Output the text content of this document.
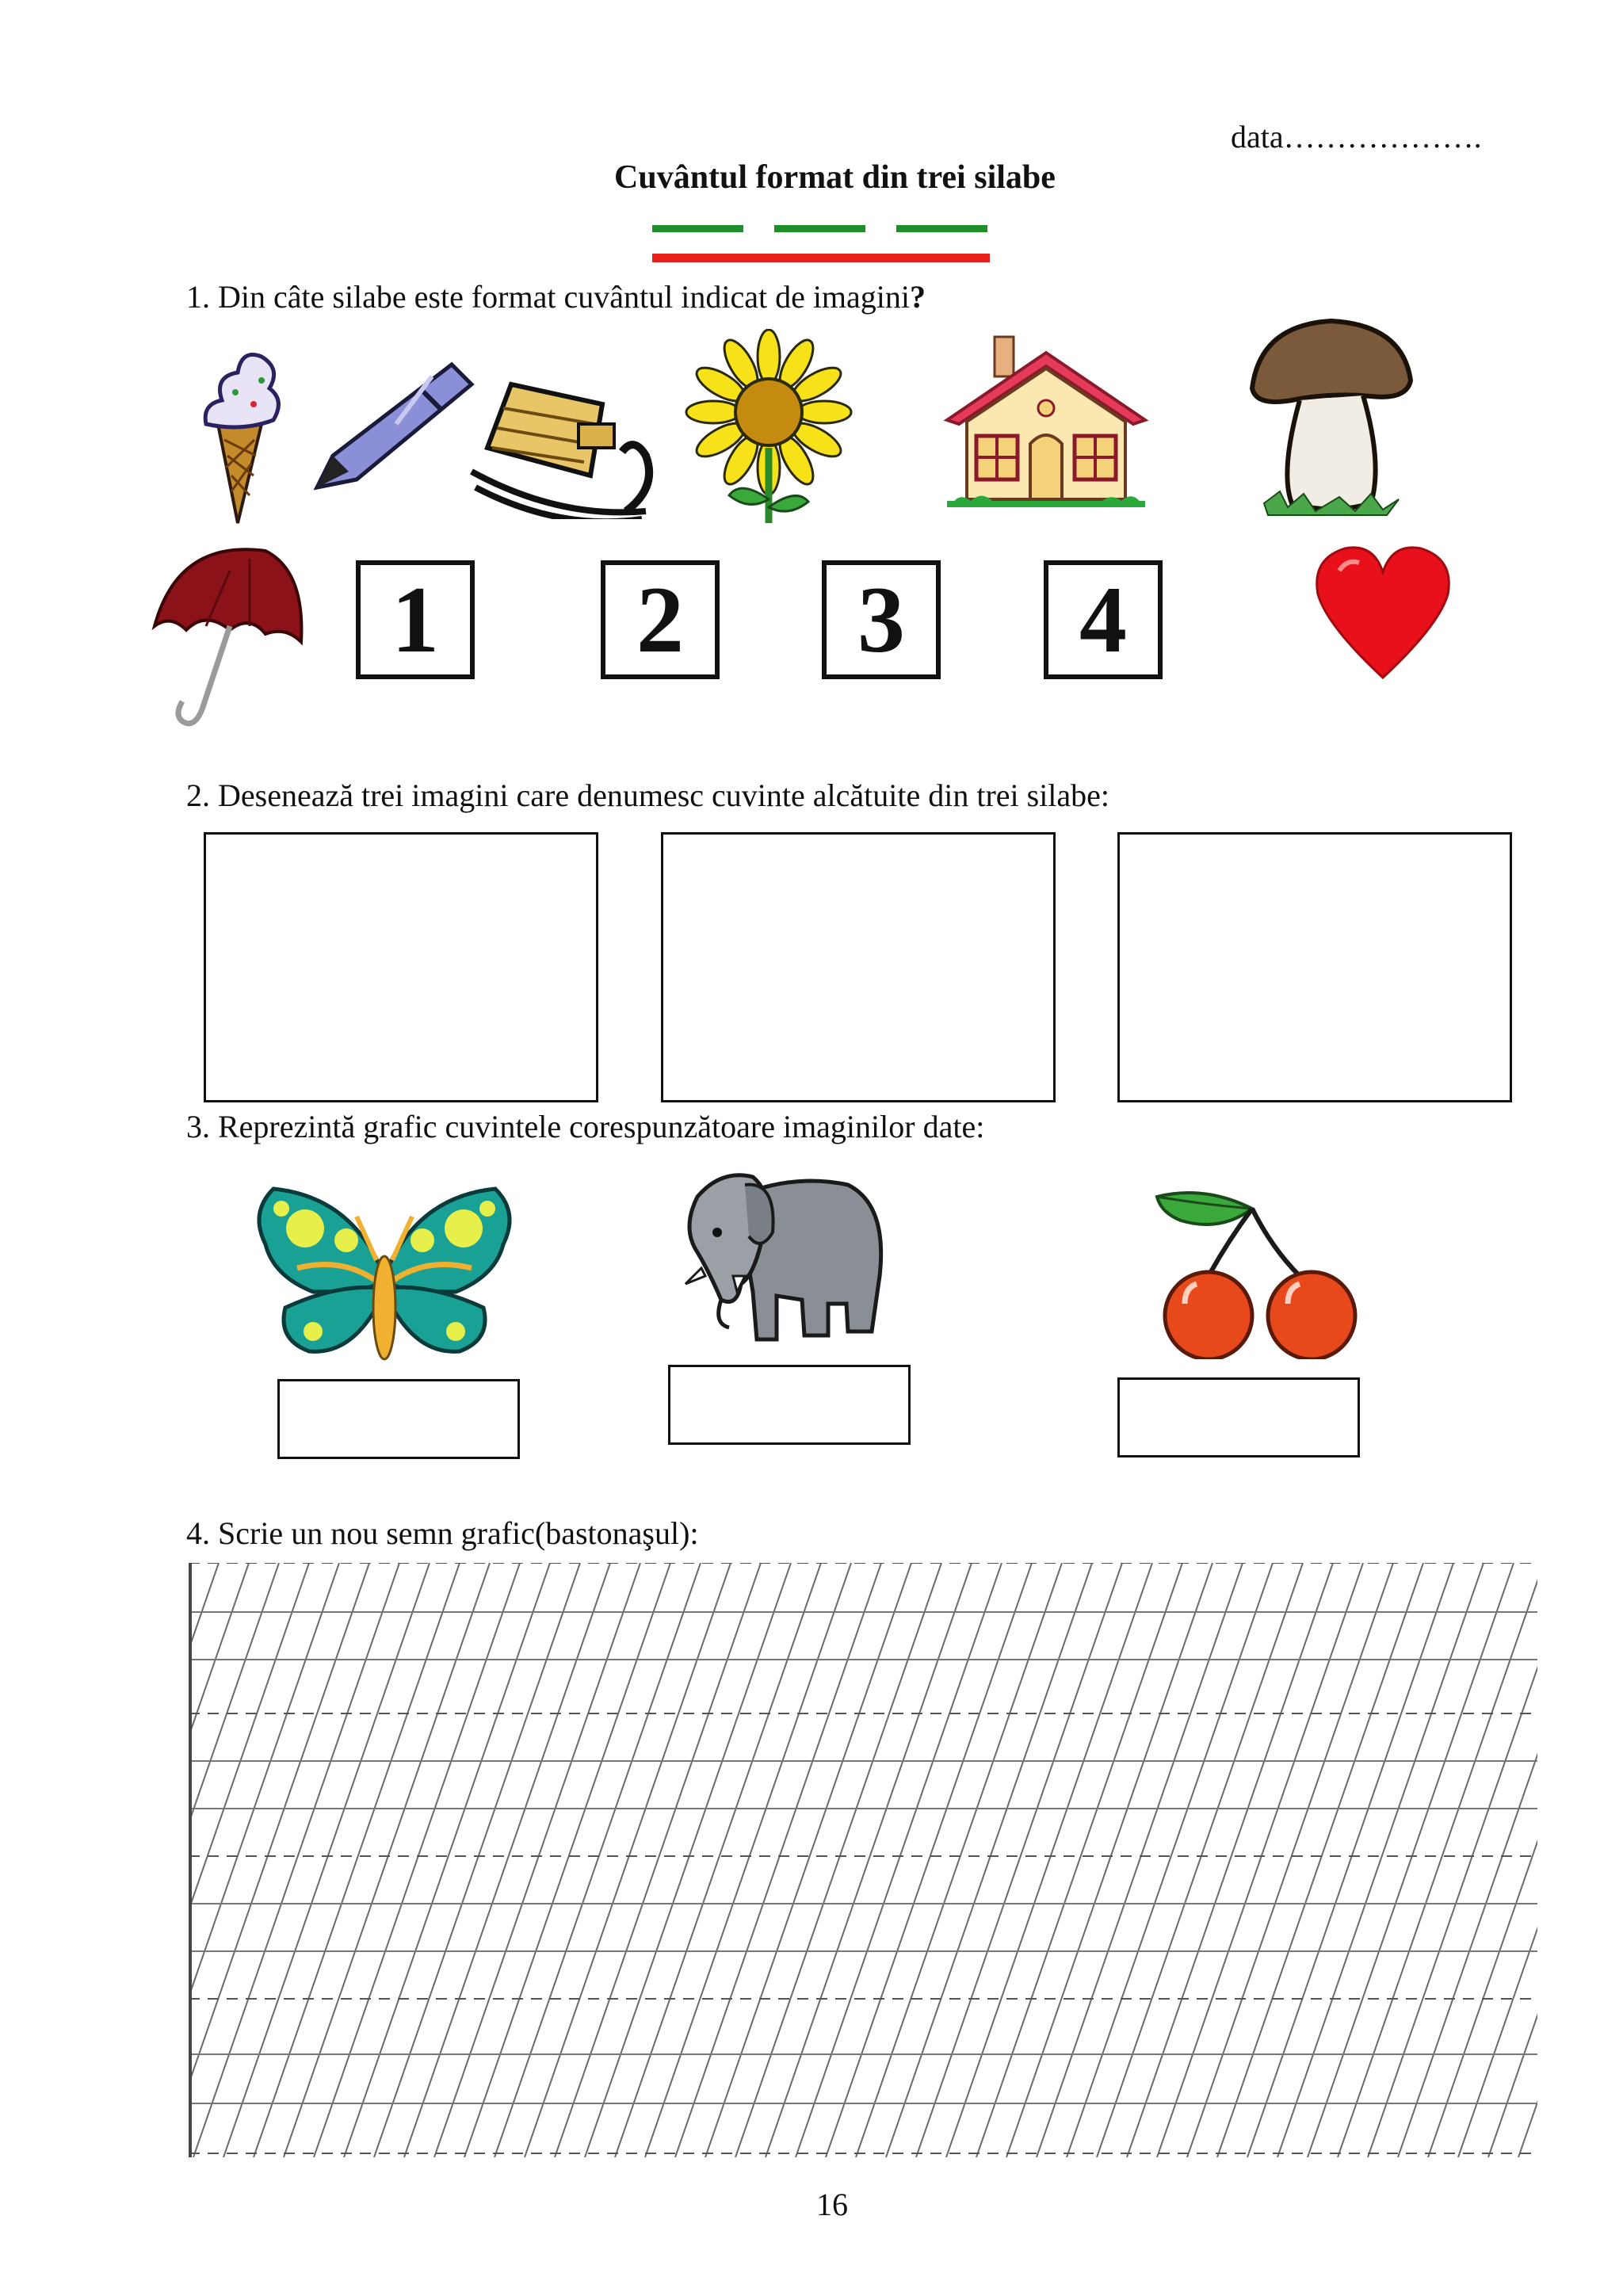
data……………….
Cuvântul format din trei silabe
1. Din câte silabe este format cuvântul indicat de imagini?
1	2	3	4
2. Desenează trei imagini care denumesc cuvinte alcătuite din trei silabe:
3. Reprezintă grafic cuvintele corespunzătoare imaginilor date:
4. Scrie un nou semn grafic(bastonaşul):
16
